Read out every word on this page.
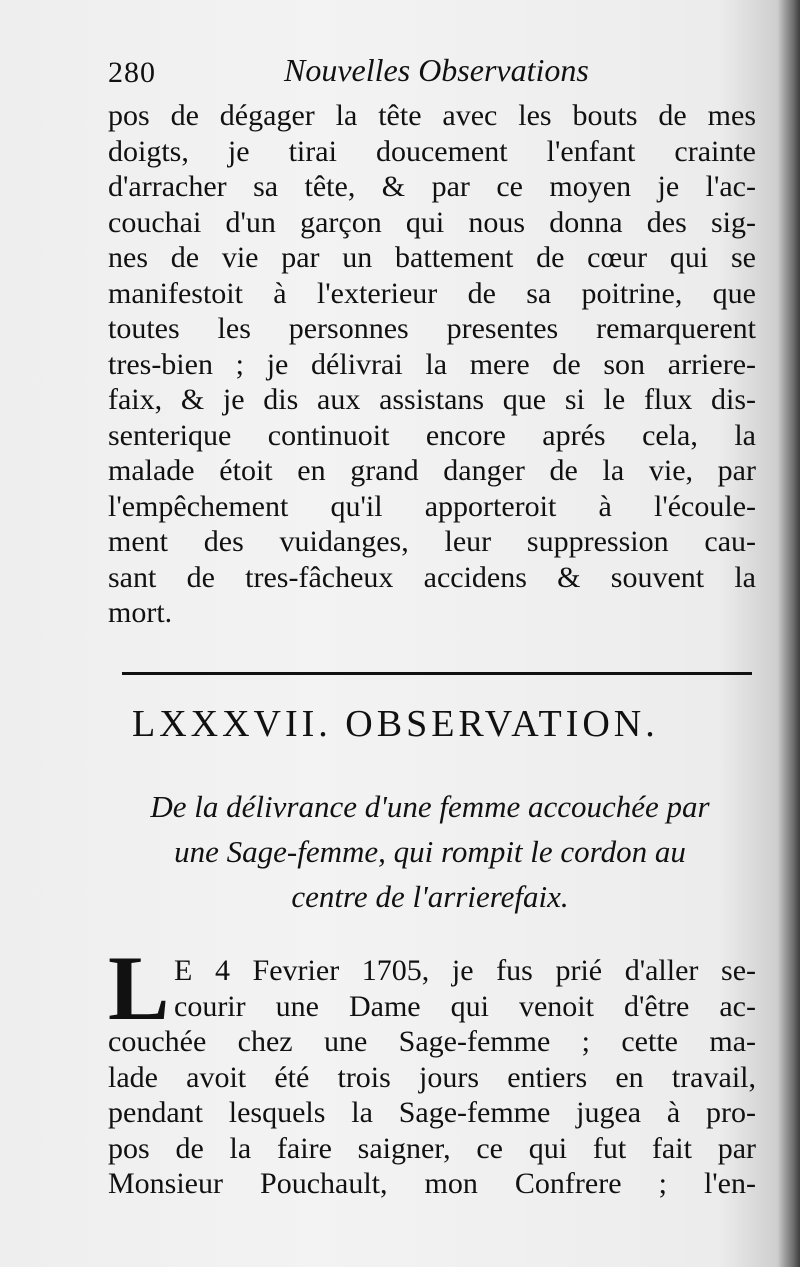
280	Nouvelles Observations
pos de dégager la tête avec les bouts de mes
doigts, je tirai doucement l'enfant crainte
d'arracher sa tête, & par ce moyen je l'ac-
couchai d'un garçon qui nous donna des sig-
nes de vie par un battement de cœur qui se
manifestoit à l'exterieur de sa poitrine, que
toutes les personnes presentes remarquerent
tres-bien ; je délivrai la mere de son arriere-
faix, & je dis aux assistans que si le flux dis-
senterique continuoit encore aprés cela, la
malade étoit en grand danger de la vie, par
l'empêchement qu'il apporteroit à l'écoule-
ment des vuidanges, leur suppression cau-
sant de tres-fâcheux accidens & souvent la
mort.
LXXXVII. OBSERVATION.
De la délivrance d'une femme accouchée par
une Sage-femme, qui rompit le cordon au
centre de l'arrierefaix.
L E 4 Fevrier 1705, je fus prié d'aller se-
courir une Dame qui venoit d'être ac-
couchée chez une Sage-femme ; cette ma-
lade avoit été trois jours entiers en travail,
pendant lesquels la Sage-femme jugea à pro-
pos de la faire saigner, ce qui fut fait par
Monsieur Pouchault, mon Confrere ; l'en-
